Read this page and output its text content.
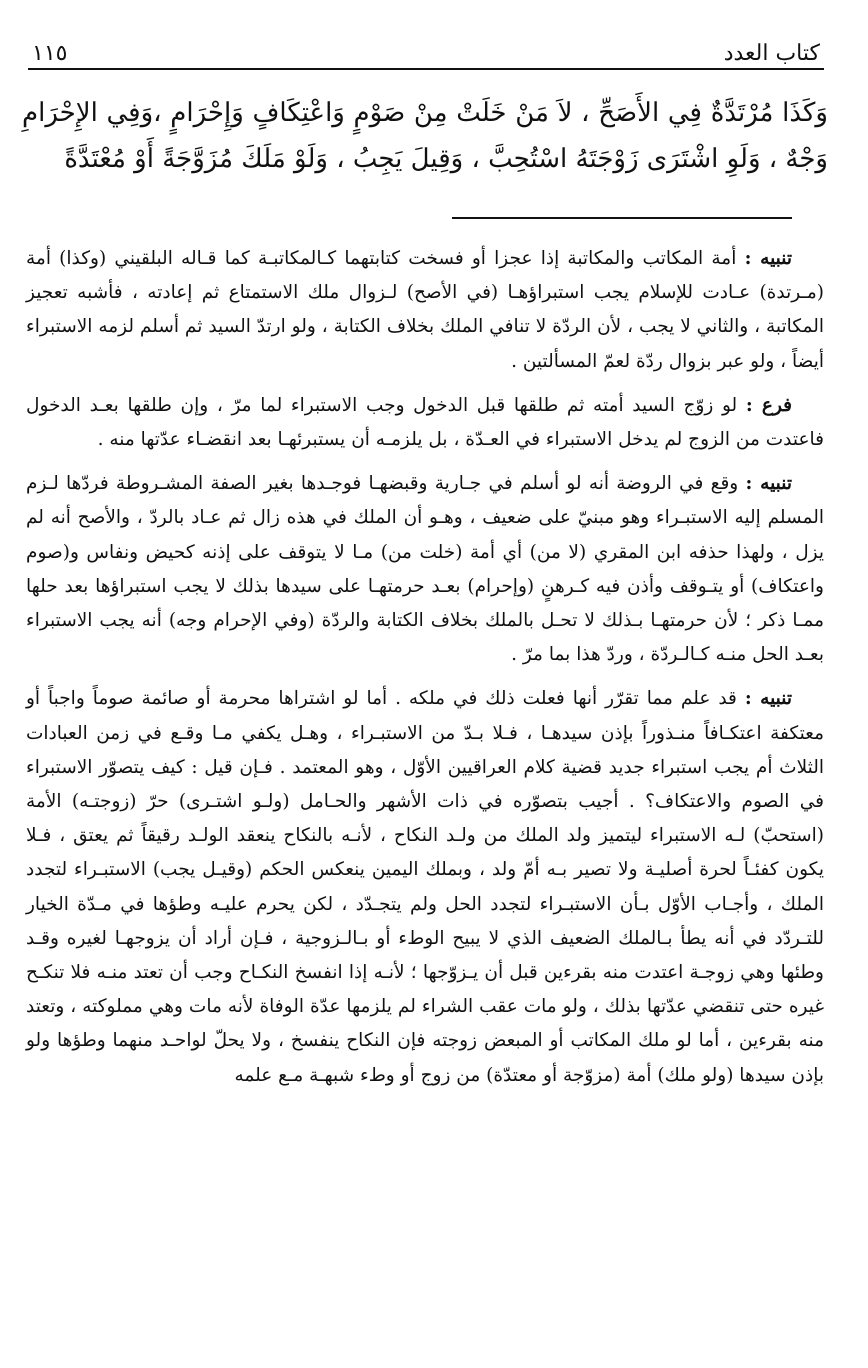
كتاب العدد
١١٥

وَكَذَا مُرْتَدَّةٌ فِي الأَصَحِّ ، لاَ مَنْ خَلَتْ مِنْ صَوْمٍ وَاعْتِكَافٍ وَإِحْرَامٍ ،وَفِي الإِحْرَامِ وَجْهٌ ، وَلَوِ اشْتَرَى زَوْجَتَهُ اسْتُحِبَّ ، وَقِيلَ يَجِبُ ، وَلَوْ مَلَكَ مُزَوَّجَةً أَوْ مُعْتَدَّةً

تنبيه : أمة المكاتب والمكاتبة إذا عجزا أو فسخت كتابتهما كـالمكاتبـة كما قـاله البلقيني (وكذا) أمة (مـرتدة) عـادت للإسلام يجب استبراؤهـا (في الأصح) لـزوال ملك الاستمتاع ثم إعادته ، فأشبه تعجيز المكاتبة ، والثاني لا يجب ، لأن الردّة لا تنافي الملك بخلاف الكتابة ، ولو ارتدّ السيد ثم أسلم لزمه الاستبراء أيضاً ، ولو عبر بزوال ردّة لعمّ المسألتين .

فرع : لو زوّج السيد أمته ثم طلقها قبل الدخول وجب الاستبراء لما مرّ ، وإن طلقها بعـد الدخول فاعتدت من الزوج لم يدخل الاستبراء في العـدّة ، بل يلزمـه أن يستبرئهـا بعد انقضـاء عدّتها منه .

تنبيه : وقع في الروضة أنه لو أسلم في جـارية وقبضهـا فوجـدها بغير الصفة المشـروطة فردّها لـزم المسلم إليه الاستبـراء وهو مبنيّ على ضعيف ، وهـو أن الملك في هذه زال ثم عـاد بالردّ ، والأصح أنه لم يزل ، ولهذا حذفه ابن المقري (لا من) أي أمة (خلت من) مـا لا يتوقف على إذنه كحيض ونفاس و(صوم واعتكاف) أو يتـوقف وأذن فيه كـرهنٍ (وإحرام) بعـد حرمتهـا على سيدها بذلك لا يجب استبراؤها بعد حلها ممـا ذكر ؛ لأن حرمتهـا بـذلك لا تحـل بالملك بخلاف الكتابة والردّة (وفي الإحرام وجه) أنه يجب الاستبراء بعـد الحل منـه كـالـردّة ، وردّ هذا بما مرّ .

تنبيه : قد علم مما تقرّر أنها فعلت ذلك في ملكه . أما لو اشتراها محرمة أو صائمة صوماً واجباً أو معتكفة اعتكـافاً منـذوراً بإذن سيدهـا ، فـلا بـدّ من الاستبـراء ، وهـل يكفي مـا وقـع في زمن العبادات الثلاث أم يجب استبراء جديد قضية كلام العراقيين الأوّل ، وهو المعتمد . فـإن قيل : كيف يتصوّر الاستبراء في الصوم والاعتكاف؟ . أجيب بتصوّره في ذات الأشهر والحـامل (ولـو اشتـرى) حرّ (زوجتـه) الأمة (استحبّ) لـه الاستبراء ليتميز ولد الملك من ولـد النكاح ، لأنـه بالنكاح ينعقد الولـد رقيقاً ثم يعتق ، فـلا يكون كفئـاً لحرة أصليـة ولا تصير بـه أمّ ولد ، وبملك اليمين ينعكس الحكم (وقيـل يجب) الاستبـراء لتجدد الملك ، وأجـاب الأوّل بـأن الاستبـراء لتجدد الحل ولم يتجـدّد ، لكن يحرم عليـه وطؤها في مـدّة الخيار للتـردّد في أنه يطأ بـالملك الضعيف الذي لا يبيح الوطء أو بـالـزوجية ، فـإن أراد أن يزوجهـا لغيره وقـد وطئها وهي زوجـة اعتدت منه بقرءين قبل أن يـزوّجها ؛ لأنـه إذا انفسخ النكـاح وجب أن تعتد منـه فلا تنكـح غيره حتى تنقضي عدّتها بذلك ، ولو مات عقب الشراء لم يلزمها عدّة الوفاة لأنه مات وهي مملوكته ، وتعتد منه بقرءين ، أما لو ملك المكاتب أو المبعض زوجته فإن النكاح ينفسخ ، ولا يحلّ لواحـد منهما وطؤها ولو بإذن سيدها (ولو ملك) أمة (مزوّجة أو معتدّة) من زوج أو وطء شبهـة مـع علمه
